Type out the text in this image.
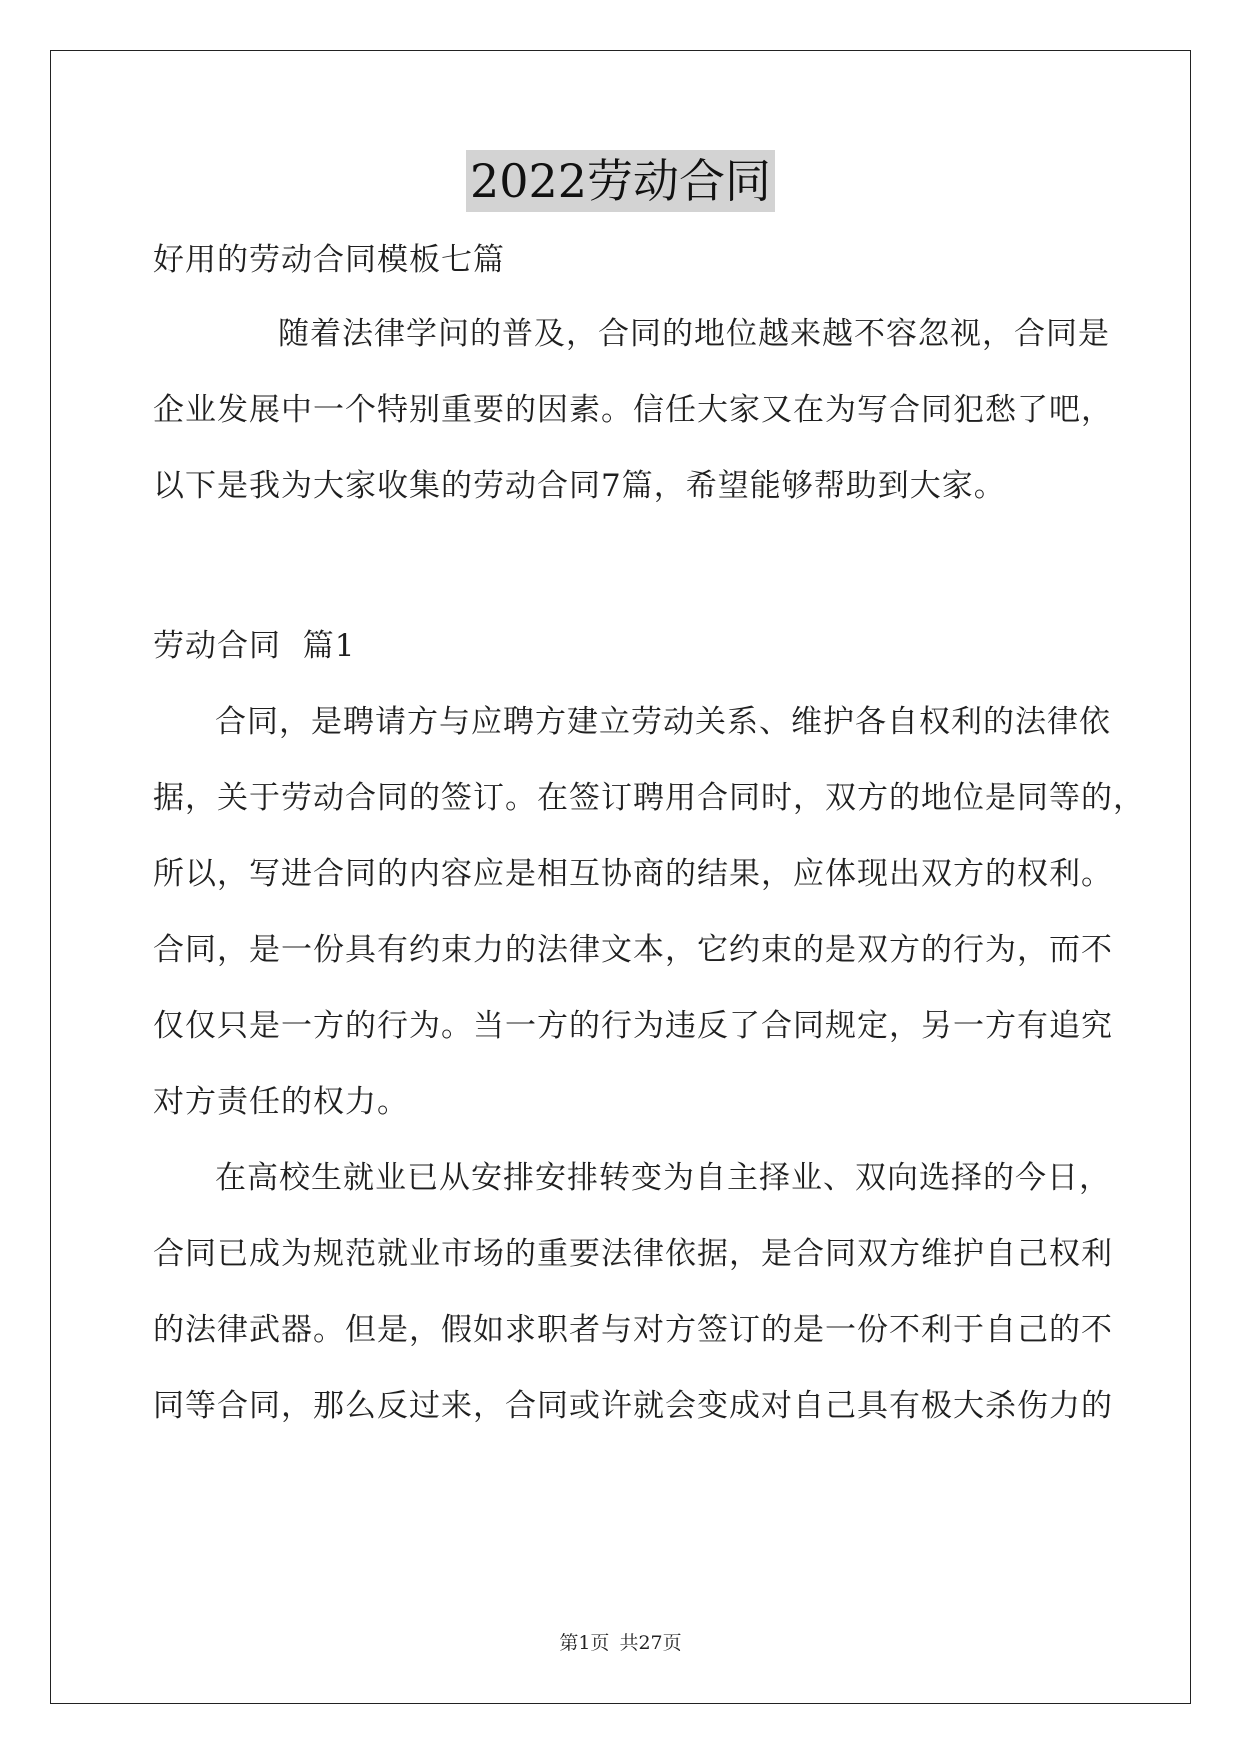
2022劳动合同
好用的劳动合同模板七篇
随着法律学问的普及，合同的地位越来越不容忽视，合同是
企业发展中一个特别重要的因素。信任大家又在为写合同犯愁了吧，
以下是我为大家收集的劳动合同7篇，希望能够帮助到大家。
劳动合同  篇1
合同，是聘请方与应聘方建立劳动关系、维护各自权利的法律依
据，关于劳动合同的签订。在签订聘用合同时，双方的地位是同等的，
所以，写进合同的内容应是相互协商的结果，应体现出双方的权利。
合同，是一份具有约束力的法律文本，它约束的是双方的行为，而不
仅仅只是一方的行为。当一方的行为违反了合同规定，另一方有追究
对方责任的权力。
在高校生就业已从安排安排转变为自主择业、双向选择的今日，
合同已成为规范就业市场的重要法律依据，是合同双方维护自己权利
的法律武器。但是，假如求职者与对方签订的是一份不利于自己的不
同等合同，那么反过来，合同或许就会变成对自己具有极大杀伤力的
第1页 共27页
